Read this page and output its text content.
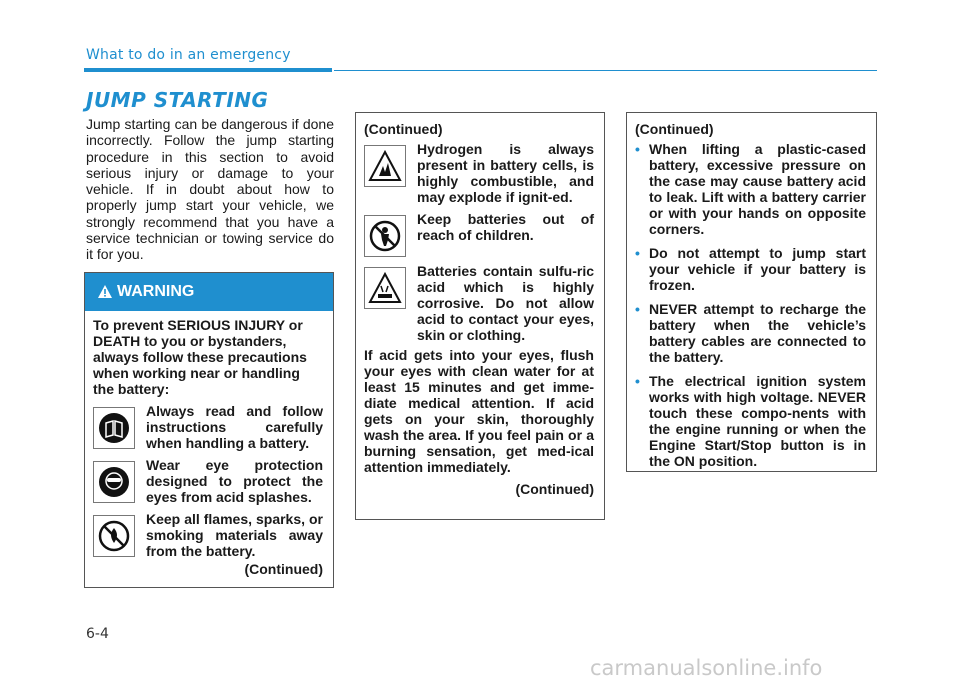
What to do in an emergency
JUMP STARTING
Jump starting can be dangerous if done incorrectly. Follow the jump starting procedure in this section to avoid serious injury or damage to your vehicle. If in doubt about how to properly jump start your vehicle, we strongly recommend that you have a service technician or towing service do it for you.
WARNING
To prevent SERIOUS INJURY or DEATH to you or bystanders, always follow these precautions when working near or handling the battery:
Always read and follow instructions carefully when handling a battery.
Wear eye protection designed to protect the eyes from acid splashes.
Keep all flames, sparks, or smoking materials away from the battery.
(Continued)
(Continued)
Hydrogen is always present in battery cells, is highly combustible, and may explode if ignit-ed.
Keep batteries out of reach of children.
Batteries contain sulfu-ric acid which is highly corrosive. Do not allow acid to contact your eyes, skin or clothing.
If acid gets into your eyes, flush your eyes with clean water for at least 15 minutes and get imme-diate medical attention. If acid gets on your skin, thoroughly wash the area. If you feel pain or a burning sensation, get med-ical attention immediately.
(Continued)
(Continued)
• When lifting a plastic-cased battery, excessive pressure on the case may cause battery acid to leak. Lift with a battery carrier or with your hands on opposite corners.
• Do not attempt to jump start your vehicle if your battery is frozen.
• NEVER attempt to recharge the battery when the vehicle’s battery cables are connected to the battery.
• The electrical ignition system works with high voltage. NEVER touch these compo-nents with the engine running or when the Engine Start/Stop button is in the ON position.
6-4
carmanualsonline.info
